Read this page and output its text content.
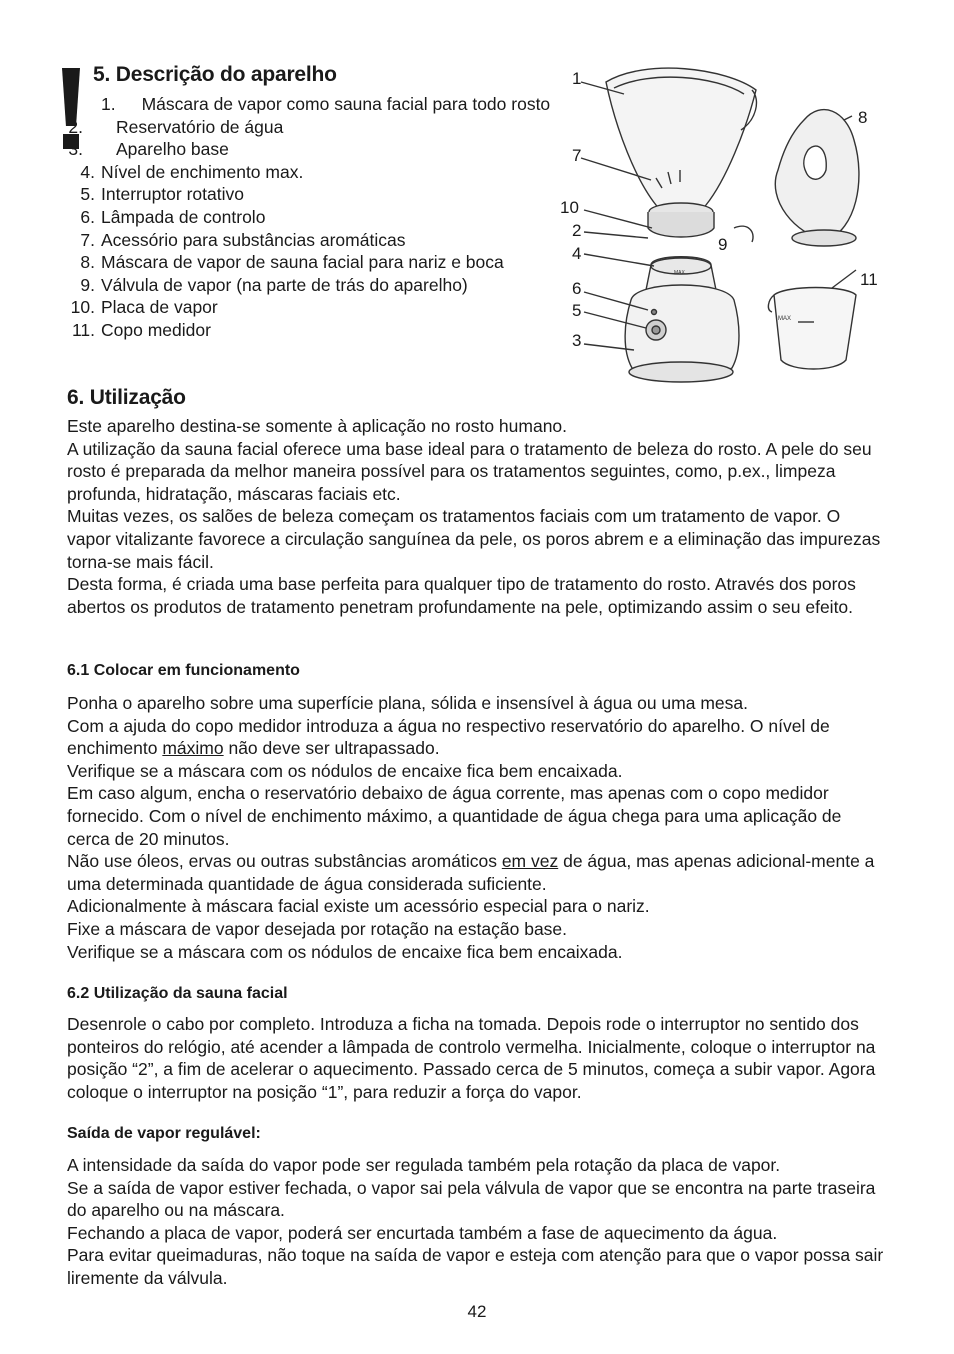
5. Descrição do aparelho
1. Máscara de vapor como sauna facial para todo rosto
2.	Reservatório de água
3.	Aparelho base
4. Nível de enchimento max.
5. Interruptor rotativo
6. Lâmpada de controlo
7. Acessório para substâncias aromáticas
8. Máscara de vapor de sauna facial para nariz e boca
9. Válvula de vapor (na parte de trás do aparelho)
10. Placa de vapor
11. Copo medidor
MAX
MAX
1
7
10
2
4
6
5
3
8
9
11
6. Utilização

Este aparelho destina-se somente à aplicação no rosto humano.

A utilização da sauna facial oferece uma base ideal para o tratamento de beleza do rosto. A pele do seu rosto é preparada da melhor maneira possível para os tratamentos seguintes, como, p.ex., limpeza profunda, hidratação, máscaras faciais etc.

Muitas vezes, os salões de beleza começam os tratamentos faciais com um tratamento de vapor. O vapor vitalizante favorece a circulação sanguínea da pele, os poros abrem e a eliminação das impurezas torna-se mais fácil.

Desta forma, é criada uma base perfeita para qualquer tipo de tratamento do rosto. Através dos poros abertos os produtos de tratamento penetram profundamente na pele, optimizando assim o seu efeito.

6.1 Colocar em funcionamento

Ponha o aparelho sobre uma superfície plana, sólida e insensível à água ou uma mesa.

Com a ajuda do copo medidor introduza a água no respectivo reservatório do aparelho. O nível de enchimento máximo não deve ser ultrapassado.

Verifique se a máscara com os nódulos de encaixe fica bem encaixada.

Em caso algum, encha o reservatório debaixo de água corrente, mas apenas com o copo medidor fornecido. Com o nível de enchimento máximo, a quantidade de água chega para uma aplicação de cerca de 20 minutos.

Não use óleos, ervas ou outras substâncias aromáticos em vez de água, mas apenas adicional-mente a uma determinada quantidade de água considerada suficiente.

Adicionalmente à máscara facial existe um acessório especial para o nariz.

Fixe a máscara de vapor desejada por rotação na estação base.

Verifique se a máscara com os nódulos de encaixe fica bem encaixada.

6.2 Utilização da sauna facial

Desenrole o cabo por completo. Introduza a ficha na tomada. Depois rode o interruptor no sentido dos ponteiros do relógio, até acender a lâmpada de controlo vermelha. Inicialmente, coloque o interruptor na posição “2”, a fim de acelerar o aquecimento. Passado cerca de 5 minutos, começa a subir vapor. Agora coloque o interruptor na posição “1”, para reduzir a força do vapor.

Saída de vapor regulável:

A intensidade da saída do vapor pode ser regulada também pela rotação da placa de vapor.

Se a saída de vapor estiver fechada, o vapor sai pela válvula de vapor que se encontra na parte traseira do aparelho ou na máscara.

Fechando a placa de vapor, poderá ser encurtada também a fase de aquecimento da água.

Para evitar queimaduras, não toque na saída de vapor e esteja com atenção para que o vapor possa sair liremente da válvula.

42
